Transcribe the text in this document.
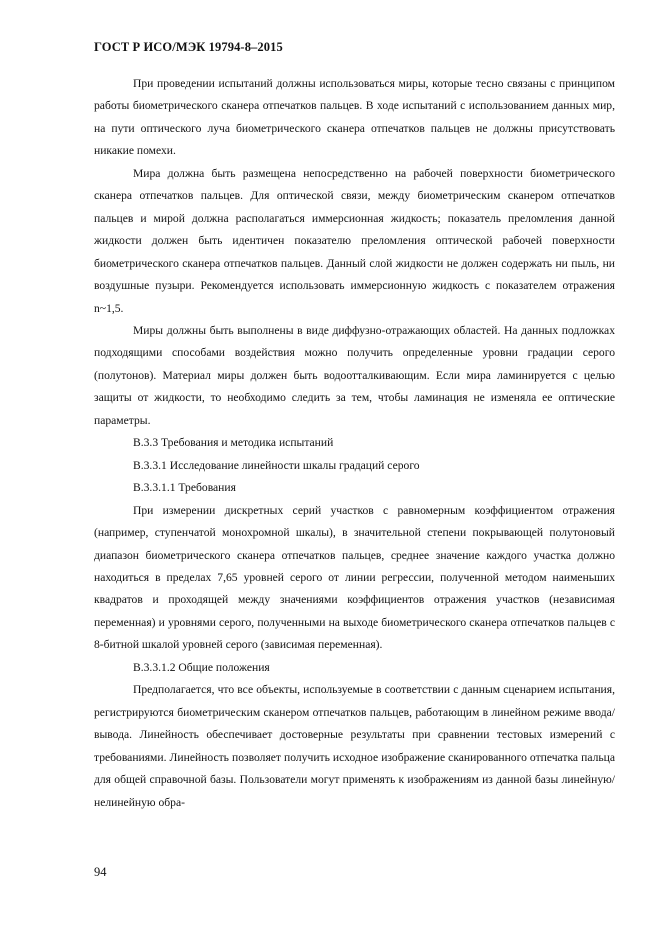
ГОСТ Р ИСО/МЭК 19794-8–2015

При проведении испытаний должны использоваться миры, которые тесно связаны с принципом работы биометрического сканера отпечатков пальцев. В ходе испытаний с использованием данных мир, на пути оптического луча биометрического сканера отпечатков пальцев не должны присутствовать никакие помехи.

Мира должна быть размещена непосредственно на рабочей поверхности биометрического сканера отпечатков пальцев. Для оптической связи, между биометрическим сканером отпечатков пальцев и мирой должна располагаться иммерсионная жидкость; показатель преломления данной жидкости должен быть идентичен показателю преломления оптической рабочей поверхности биометрического сканера отпечатков пальцев. Данный слой жидкости не должен содержать ни пыль, ни воздушные пузыри. Рекомендуется использовать иммерсионную жидкость с показателем отражения n~1,5.

Миры должны быть выполнены в виде диффузно-отражающих областей. На данных подложках подходящими способами воздействия можно получить определенные уровни градации серого (полутонов). Материал миры должен быть водоотталкивающим. Если мира ламинируется с целью защиты от жидкости, то необходимо следить за тем, чтобы ламинация не изменяла ее оптические параметры.

В.3.3 Требования и методика испытаний

В.3.3.1 Исследование линейности шкалы градаций серого

В.3.3.1.1 Требования

При измерении дискретных серий участков с равномерным коэффициентом отражения (например, ступенчатой монохромной шкалы), в значительной степени покрывающей полутоновый диапазон биометрического сканера отпечатков пальцев, среднее значение каждого участка должно находиться в пределах 7,65 уровней серого от линии регрессии, полученной методом наименьших квадратов и проходящей между значениями коэффициентов отражения участков (независимая переменная) и уровнями серого, полученными на выходе биометрического сканера отпечатков пальцев с 8-битной шкалой уровней серого (зависимая переменная).

В.3.3.1.2 Общие положения

Предполагается, что все объекты, используемые в соответствии с данным сценарием испытания, регистрируются биометрическим сканером отпечатков пальцев, работающим в линейном режиме ввода/вывода. Линейность обеспечивает достоверные результаты при сравнении тестовых измерений с требованиями. Линейность позволяет получить исходное изображение сканированного отпечатка пальца для общей справочной базы. Пользователи могут применять к изображениям из данной базы линейную/нелинейную обра-

94
